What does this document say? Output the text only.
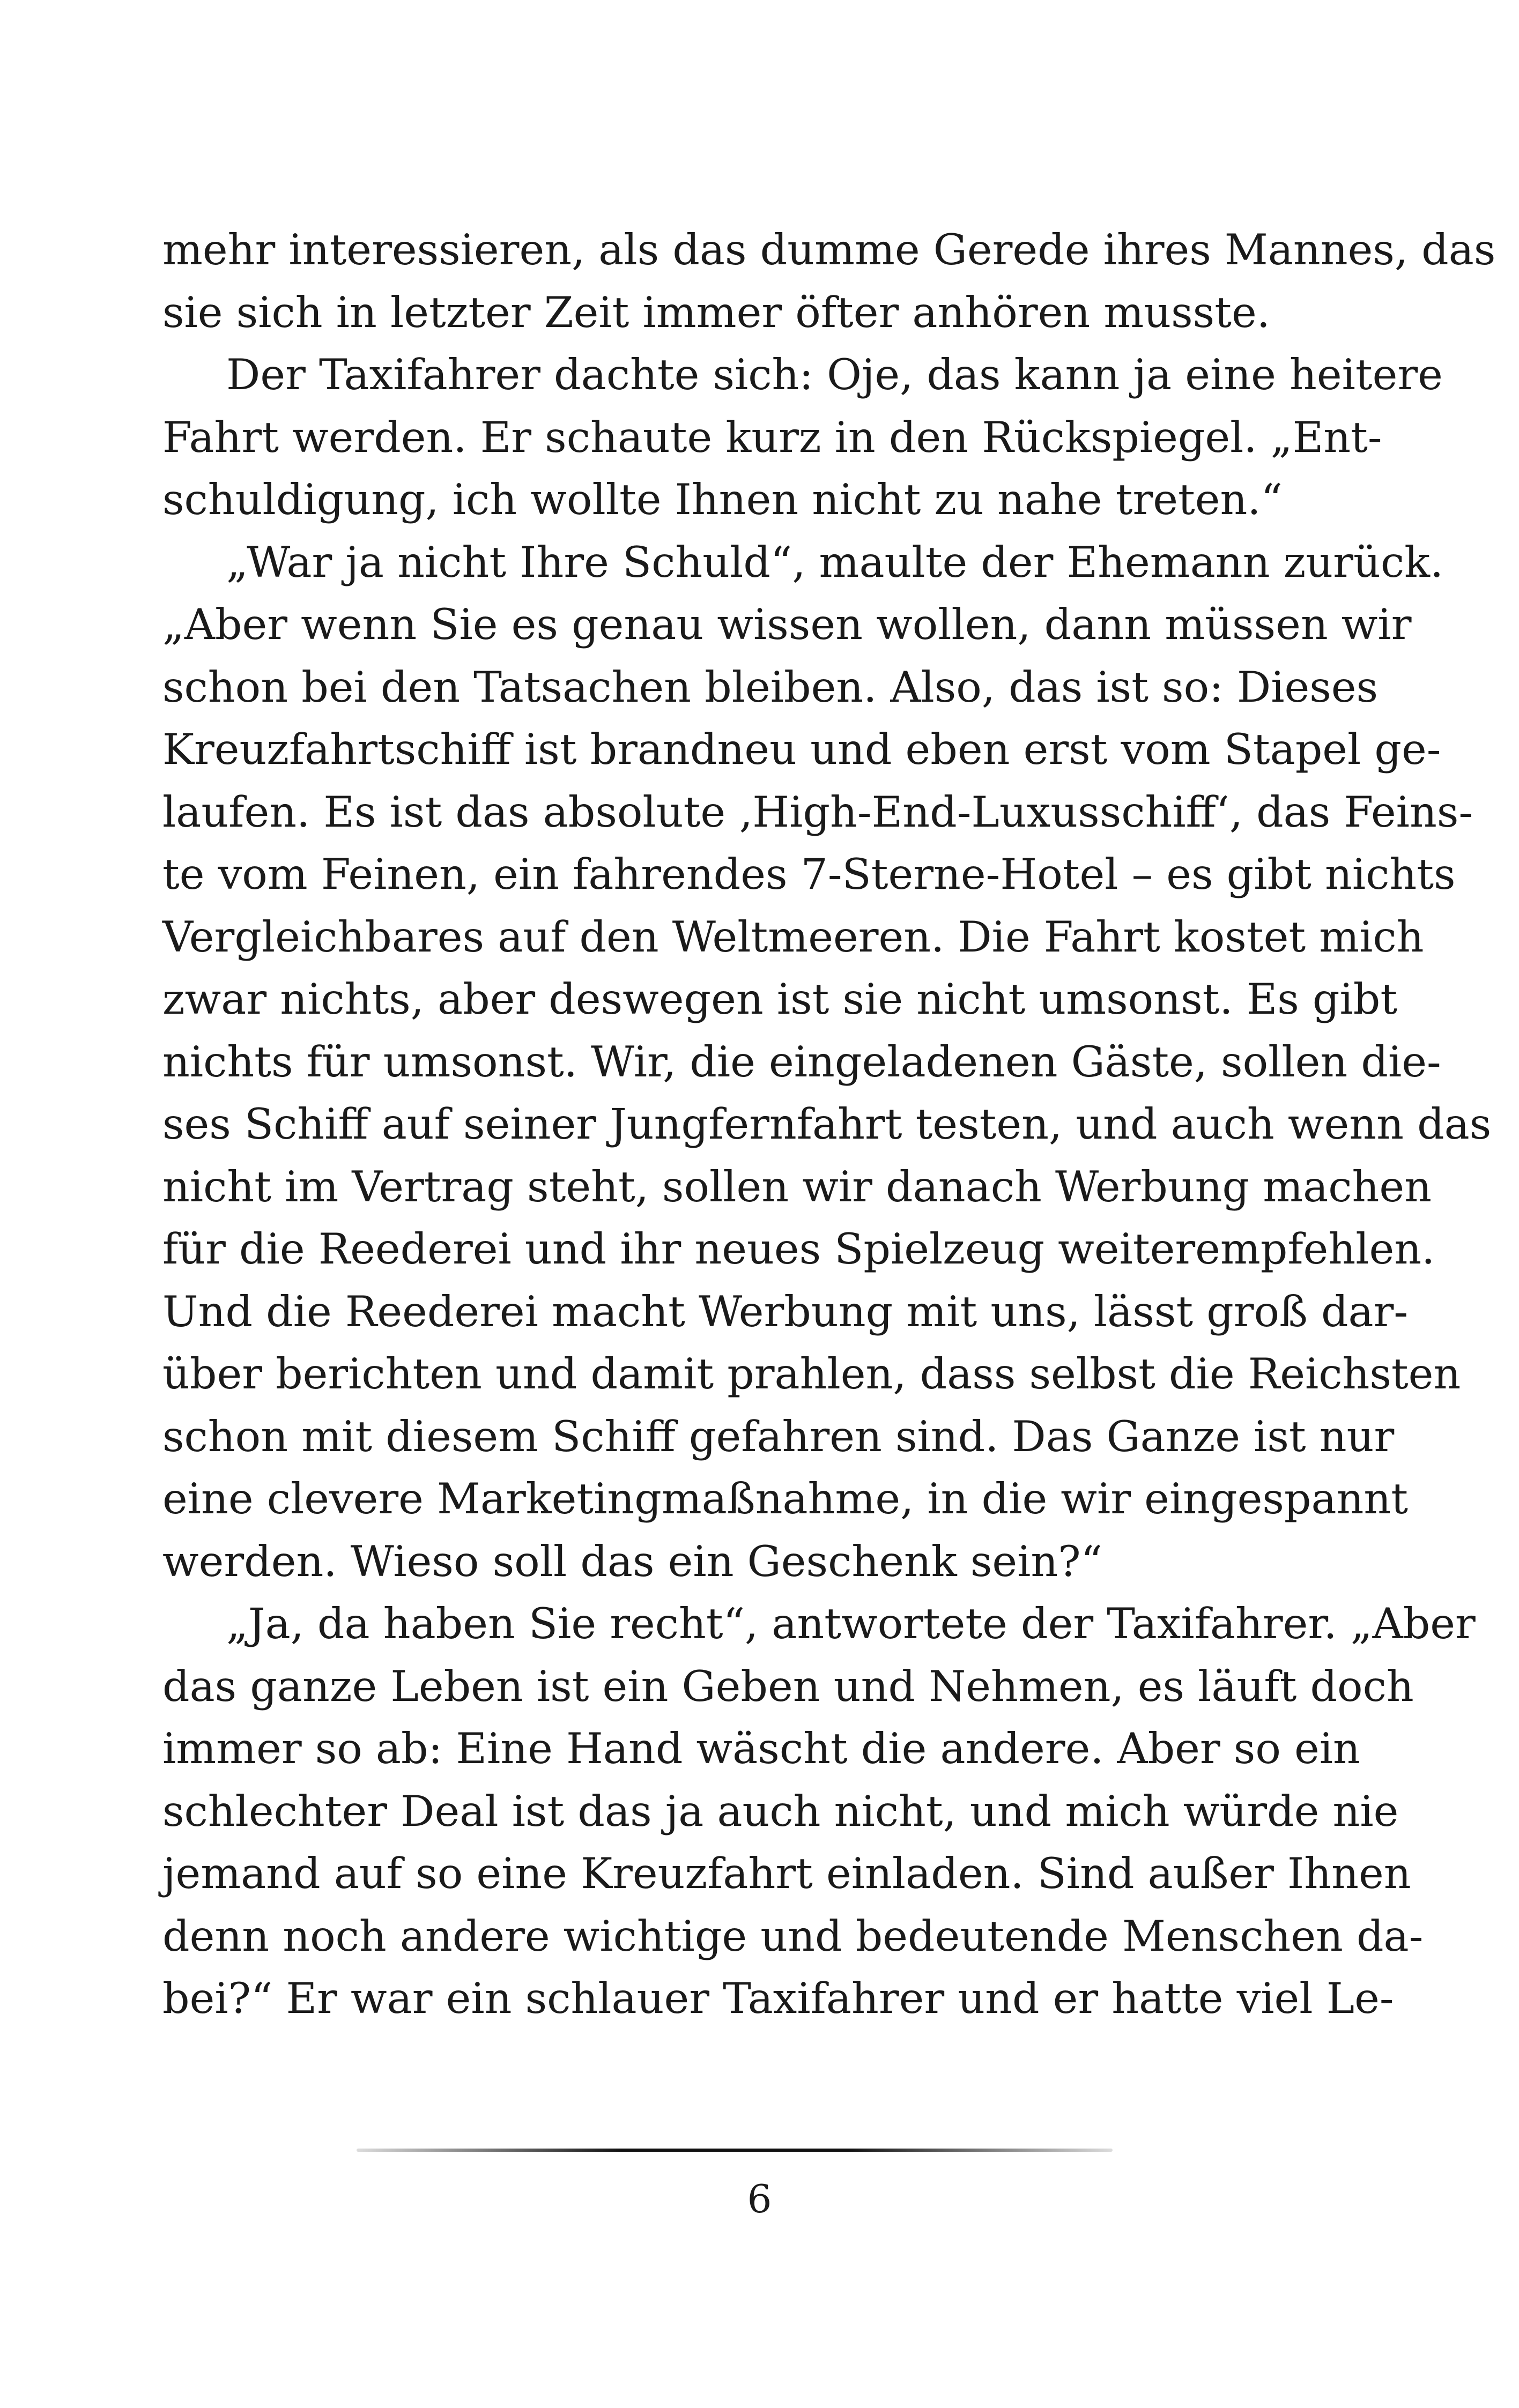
mehr interessieren, als das dumme Gerede ihres Mannes, das
sie sich in letzter Zeit immer öfter anhören musste.
Der Taxifahrer dachte sich: Oje, das kann ja eine heitere
Fahrt werden. Er schaute kurz in den Rückspiegel. „Ent-
schuldigung, ich wollte Ihnen nicht zu nahe treten.“
„War ja nicht Ihre Schuld“, maulte der Ehemann zurück.
„Aber wenn Sie es genau wissen wollen, dann müssen wir
schon bei den Tatsachen bleiben. Also, das ist so: Dieses
Kreuzfahrtschiff ist brandneu und eben erst vom Stapel ge-
laufen. Es ist das absolute ‚High-End-Luxusschiff‘, das Feins-
te vom Feinen, ein fahrendes 7-Sterne-Hotel – es gibt nichts
Vergleichbares auf den Weltmeeren. Die Fahrt kostet mich
zwar nichts, aber deswegen ist sie nicht umsonst. Es gibt
nichts für umsonst. Wir, die eingeladenen Gäste, sollen die-
ses Schiff auf seiner Jungfernfahrt testen, und auch wenn das
nicht im Vertrag steht, sollen wir danach Werbung machen
für die Reederei und ihr neues Spielzeug weiterempfehlen.
Und die Reederei macht Werbung mit uns, lässt groß dar-
über berichten und damit prahlen, dass selbst die Reichsten
schon mit diesem Schiff gefahren sind. Das Ganze ist nur
eine clevere Marketingmaßnahme, in die wir eingespannt
werden. Wieso soll das ein Geschenk sein?“
„Ja, da haben Sie recht“, antwortete der Taxifahrer. „Aber
das ganze Leben ist ein Geben und Nehmen, es läuft doch
immer so ab: Eine Hand wäscht die andere. Aber so ein
schlechter Deal ist das ja auch nicht, und mich würde nie
jemand auf so eine Kreuzfahrt einladen. Sind außer Ihnen
denn noch andere wichtige und bedeutende Menschen da-
bei?“ Er war ein schlauer Taxifahrer und er hatte viel Le-
6
